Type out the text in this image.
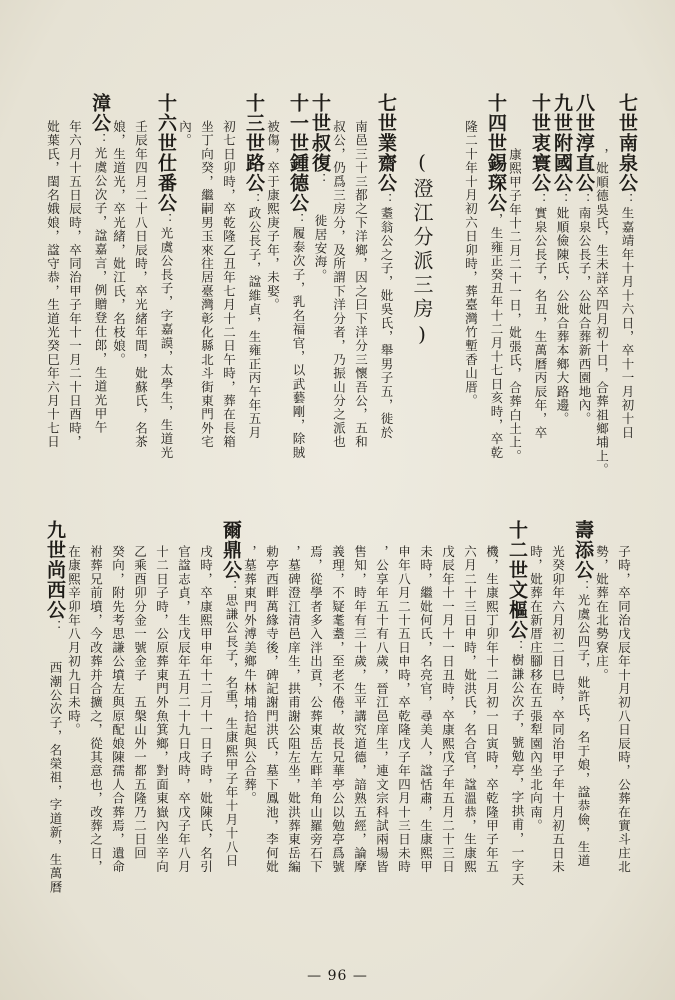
七世南泉公：生嘉靖年十月十六日，卒十一月初十日
，妣順德吳氏，生未詳卒四月初十日，合葬祖鄉埔上。
八世淳直公：南泉公長子，公妣合葬新西園地內。
九世附國公：妣順儉陳氏，公妣合葬本鄉大路邊。
十世衷寰公：實泉公長子，名丑，生萬曆丙辰年，卒
康熙甲子年十二月二十一日，妣張氏，合葬白土上。
十四世錫琛公，生雍正癸丑年十二月十七日亥時，卒乾
隆二十年十月初六日卯時，葬臺灣竹塹香山厝。
(澄江分派三房)
七世業齋公：耋翁公之子，妣吳氏，舉男子五，徙於
南邑三十三都之下洋鄉，因之曰下洋分三懷吾公，五和
叔公，仍爲三房分，及所謂下洋分者，乃振山分之派也
十世叔復：　　徙居安海。
十一世鍾德公：履泰次子，乳名福官，以武藝剛，除賊
被傷，卒于康熙庚子年，未娶。
十三世路公：政公長子，諡維貞，生雍正丙午年五月
初七日卯時，卒乾隆乙丑年七月十二日午時，葬在長箱
坐丁向癸，繼嗣男玉來往居臺灣彰化縣北斗街東門外宅
內。
十六世仕番公：光虞公長子，字嘉謨，太學生，生道光
壬辰年四月二十八日辰時，卒光緒年間，妣蘇氏，名茶
娘，生道光，卒光緒，妣江氏，名枝娘。
漳公：光虞公次子，諡嘉言，例贈登仕郎，生道光甲午
年六月十五日辰時，卒同治甲子年十一月二十日酉時，
妣葉氏，閨名娥娘，諡守恭，生道光癸巳年六月十七日
子時，卒同治戊辰年十月初八日辰時，公葬在實斗庄北
勢，妣葬在北勢寮庄。
壽添公：光虞公四子，妣許氏，名于娘，諡恭儉，生道
光癸卯年六月初二日巳時，卒同治甲子年十月初五日未
時，妣葬在新厝庄腳移在五張犁園內坐北向南。
十二世文樞公：樹謙公次子，號勉亭，字拱甫，一字天
機，生康熙丁卯年十二月初一日寅時，卒乾隆甲子年五
六月二十三日申時，妣洪氏，名合官，諡溫恭，生康熙
戊辰年十一月十一日丑時，卒康熙戊子年五月二十三日
未時，繼妣何氏，名亮官，尋美人，諡恬肅，生康熙甲
申年八月二十五日申時，卒乾隆戊子年四月十三日未時
，公享年五十有八歲，晉江邑庠生，連文宗科試兩場皆
售知，時年有三十歲，生平講究道德，諳熟五經，論摩
義理，不疑耄耋，至老不倦，故長兄華亭公以勉亭爲號
焉，從學者多入泮出貢，公葬東岳左畔羊角山羅旁石下
，墓碑澄江清邑庠生，拱甫謝公阻左坐，妣洪葬東岳編
勅亭西畔萬緣寺後，碑記謝門洪氏，墓下鳳池，李何妣
，墓葬東門外溥美鄉牛林埔拾起與公合葬。
爾鼎公：思謙公長子，名重，生康熙甲子年十月十八日
戌時，卒康熙甲申年十二月十一日子時，妣陳氏，名引
官諡志貞，生戊辰年五月二十九日戌時，卒戊子年八月
十二日子時，公原葬東門外魚箕鄉，對面東嶽內坐辛向
乙乘酉卯分金一號金子　五槃山外一都五隆乃二日回
癸向，附先考思謙公墳左與原配娘陳孺人合葬焉，遺命
祔葬兄前墳，今改葬并合擴之，從其意也，改葬之日，
在康熙辛卯年八月初九日未時。
九世尚西公：　　西潮公次子，名榮祖，字道新，生萬曆
— 96 —
